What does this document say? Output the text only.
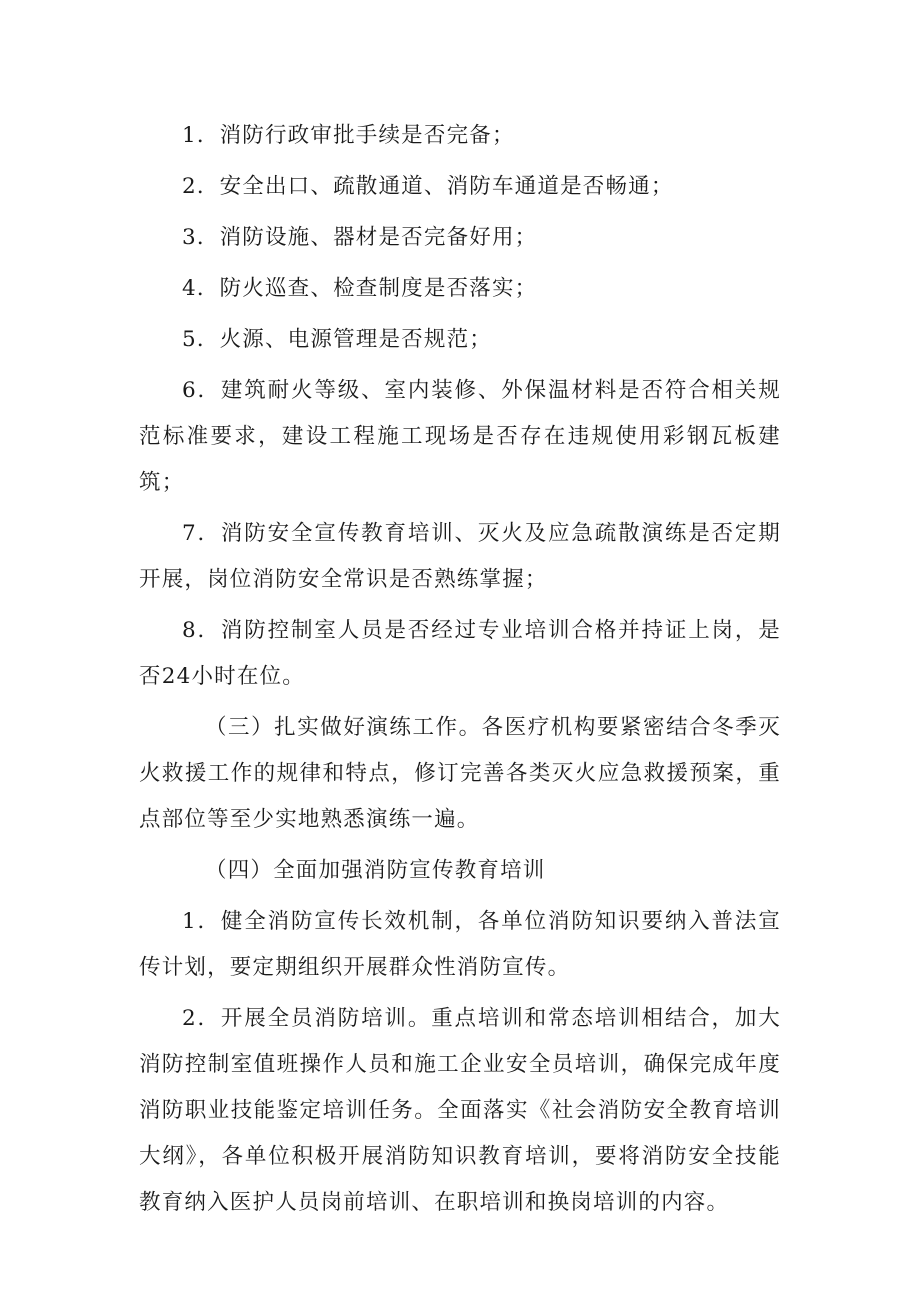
1．消防行政审批手续是否完备；

2．安全出口、疏散通道、消防车通道是否畅通；

3．消防设施、器材是否完备好用；

4．防火巡查、检查制度是否落实；

5．火源、电源管理是否规范；

6．建筑耐火等级、室内装修、外保温材料是否符合相关规范标准要求，建设工程施工现场是否存在违规使用彩钢瓦板建筑；

7．消防安全宣传教育培训、灭火及应急疏散演练是否定期开展，岗位消防安全常识是否熟练掌握；

8．消防控制室人员是否经过专业培训合格并持证上岗，是否24小时在位。

（三）扎实做好演练工作。各医疗机构要紧密结合冬季灭火救援工作的规律和特点，修订完善各类灭火应急救援预案，重点部位等至少实地熟悉演练一遍。

（四）全面加强消防宣传教育培训

1．健全消防宣传长效机制，各单位消防知识要纳入普法宣传计划，要定期组织开展群众性消防宣传。

2．开展全员消防培训。重点培训和常态培训相结合，加大消防控制室值班操作人员和施工企业安全员培训，确保完成年度消防职业技能鉴定培训任务。全面落实《社会消防安全教育培训大纲》，各单位积极开展消防知识教育培训，要将消防安全技能教育纳入医护人员岗前培训、在职培训和换岗培训的内容。
